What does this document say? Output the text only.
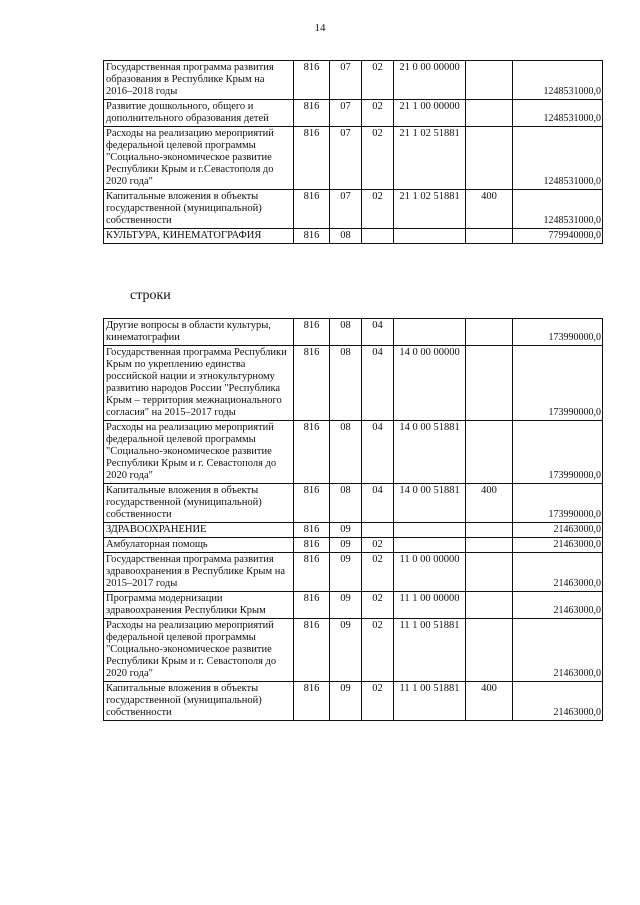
14
Государственная программа развития образования в Республике Крым на 2016–2018 годы	816	07	02	21 0 00 00000		1248531000,0
Развитие дошкольного, общего и дополнительного образования детей	816	07	02	21 1 00 00000		1248531000,0
Расходы на реализацию мероприятий федеральной целевой программы "Социально-экономическое развитие Республики Крым и г.Севастополя до 2020 года"	816	07	02	21 1 02 51881		1248531000,0
Капитальные вложения в объекты государственной (муниципальной) собственности	816	07	02	21 1 02 51881	400	1248531000,0
КУЛЬТУРА, КИНЕМАТОГРАФИЯ	816	08				779940000,0
строки
Другие вопросы в области культуры, кинематографии	816	08	04			173990000,0
Государственная программа Республики Крым по укреплению единства российской нации и этнокультурному развитию народов России "Республика Крым – территория межнационального согласия" на 2015–2017 годы	816	08	04	14 0 00 00000		173990000,0
Расходы на реализацию мероприятий федеральной целевой программы "Социально-экономическое развитие Республики Крым и г. Севастополя до 2020 года"	816	08	04	14 0 00 51881		173990000,0
Капитальные вложения в объекты государственной (муниципальной) собственности	816	08	04	14 0 00 51881	400	173990000,0
ЗДРАВООХРАНЕНИЕ	816	09				21463000,0
Амбулаторная помощь	816	09	02			21463000,0
Государственная программа развития здравоохранения в Республике Крым на 2015–2017 годы	816	09	02	11 0 00 00000		21463000,0
Программа модернизации здравоохранения Республики Крым	816	09	02	11 1 00 00000		21463000,0
Расходы на реализацию мероприятий федеральной целевой программы "Социально-экономическое развитие Республики Крым и г. Севастополя до 2020 года"	816	09	02	11 1 00 51881		21463000,0
Капитальные вложения в объекты государственной (муниципальной) собственности	816	09	02	11 1 00 51881	400	21463000,0
